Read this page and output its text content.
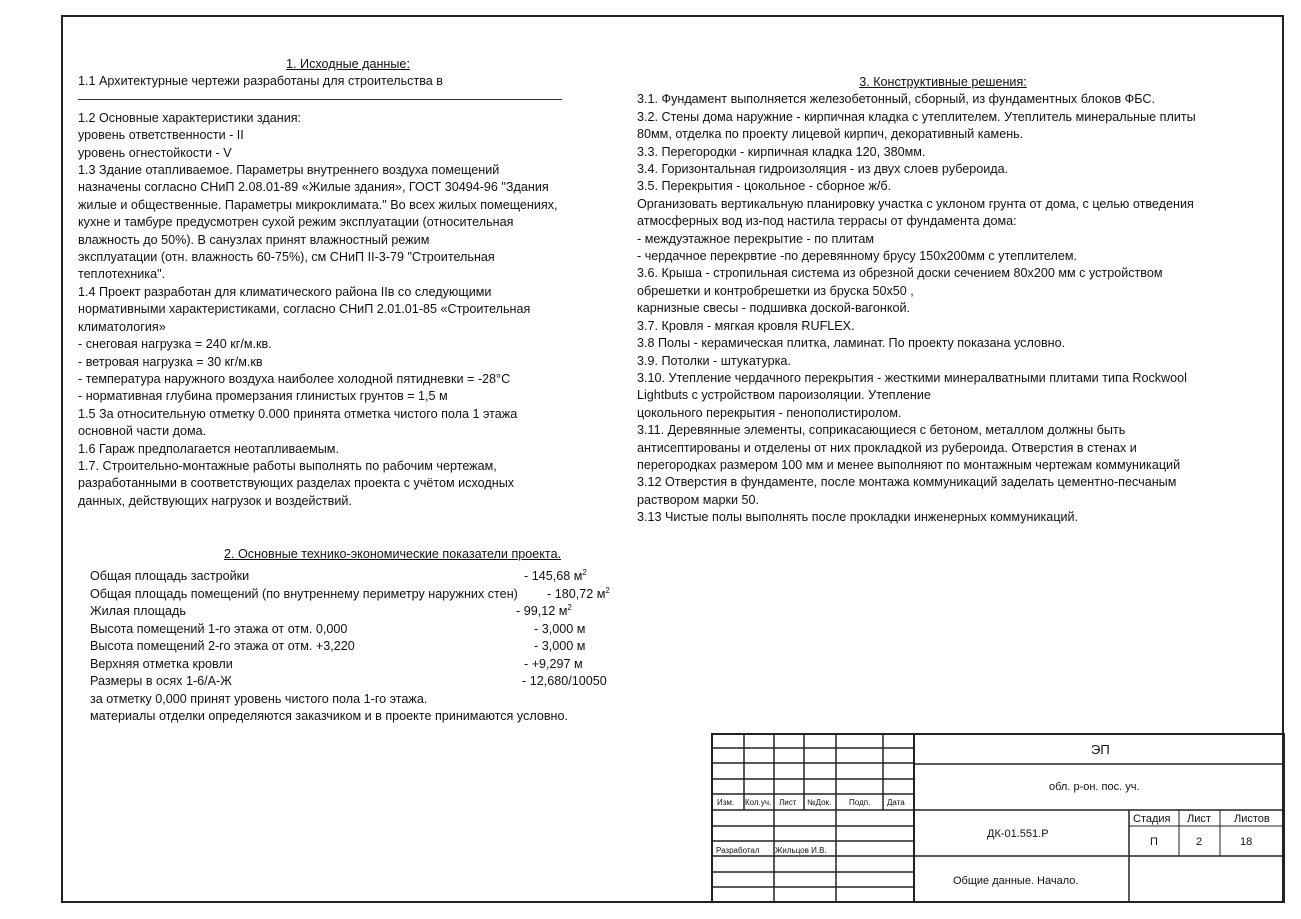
1. Исходные данные:
1.1 Архитектурные чертежи разработаны для строительства в
1.2 Основные характеристики здания:
уровень ответственности - II
уровень огнестойкости - V
1.3 Здание отапливаемое. Параметры внутреннего воздуха помещений
назначены согласно СНиП 2.08.01-89 «Жилые здания», ГОСТ 30494-96 "Здания
жилые и общественные. Параметры микроклимата." Во всех жилых помещениях,
кухне и тамбуре предусмотрен сухой режим эксплуатации (относительная
влажность до 50%). В санузлах принят влажностный режим
эксплуатации (отн. влажность 60-75%), см СНиП II-3-79 "Строительная
теплотехника".
1.4 Проект разработан для климатического района IIв со следующими
нормативными характеристиками, согласно СНиП 2.01.01-85 «Строительная
климатология»
- снеговая нагрузка = 240 кг/м.кв.
- ветровая нагрузка = 30 кг/м.кв
- температура наружного воздуха наиболее холодной пятидневки = -28°С
- нормативная глубина промерзания глинистых грунтов = 1,5 м
1.5 За относительную отметку 0.000 принята отметка чистого пола 1 этажа
основной части дома.
1.6 Гараж предполагается неотапливаемым.
1.7. Строительно-монтажные работы выполнять по рабочим чертежам,
разработанными в соответствующих разделах проекта с учётом исходных
данных, действующих нагрузок и воздействий.
2. Основные технико-экономические показатели проекта.
Общая площадь застройки	- 145,68 $м^2$
Общая площадь помещений (по внутреннему периметру наружних стен) - 180,72 $м^2$
Жилая площадь	- 99,12 $м^2$
Высота помещений 1-го этажа от отм. 0,000	- 3,000 м
Высота помещений 2-го этажа от отм. +3,220	- 3,000 м
Верхняя отметка кровли	- +9,297 м
Размеры в осях 1-6/А-Ж	- 12,680/10050
за отметку 0,000 принят уровень чистого пола 1-го этажа.
материалы отделки определяются заказчиком и в проекте принимаются условно.
3. Конструктивные решения:
3.1. Фундамент выполняется железобетонный, сборный, из фундаментных блоков ФБС.
3.2. Стены дома наружние - кирпичная кладка с утеплителем. Утеплитель минеральные плиты
80мм, отделка по проекту лицевой кирпич, декоративный камень.
3.3. Перегородки - кирпичная кладка 120, 380мм.
3.4. Горизонтальная гидроизоляция - из двух слоев рубероида.
3.5. Перекрытия - цокольное - сборное ж/б.
Организовать вертикальную планировку участка с уклоном грунта от дома, с целью отведения
атмосферных вод из-под настила террасы от фундамента дома:
- междуэтажное перекрытие - по плитам
- чердачное перекрвтие -по деревянному брусу 150х200мм с утеплителем.
3.6. Крыша - стропильная система из обрезной доски сечением 80х200 мм с устройством
обрешетки и контробрешетки из бруска 50х50 ,
карнизные свесы - подшивка доской-вагонкой.
3.7. Кровля - мягкая кровля RUFLEX.
3.8 Полы - керамическая плитка, ламинат. По проекту показана условно.
3.9. Потолки - штукатурка.
3.10. Утепление чердачного перекрытия - жесткими минералватными плитами типа Rockwool
Lightbuts с устройством пароизоляции. Утепление
цокольного перекрытия - пенополистиролом.
3.11. Деревянные элементы, соприкасающиеся с бетоном, металлом должны быть
антисептированы и отделены от них прокладкой из рубероида. Отверстия в стенах и
перегородках размером 100 мм и менее выполняют по монтажным чертежам коммуникаций
3.12 Отверстия в фундаменте, после монтажа коммуникаций заделать цементно-песчаным
раствором марки 50.
3.13 Чистые полы выполнять после прокладки инженерных коммуникаций.
Изм. Кол.уч. Лист №Док. Подп. Дата
Разработал Жильцов И.В.
ЭП
обл. р-он. пос. уч.
ДК-01.551.Р
Общие данные. Начало.
Стадия Лист Листов
П	2	18
